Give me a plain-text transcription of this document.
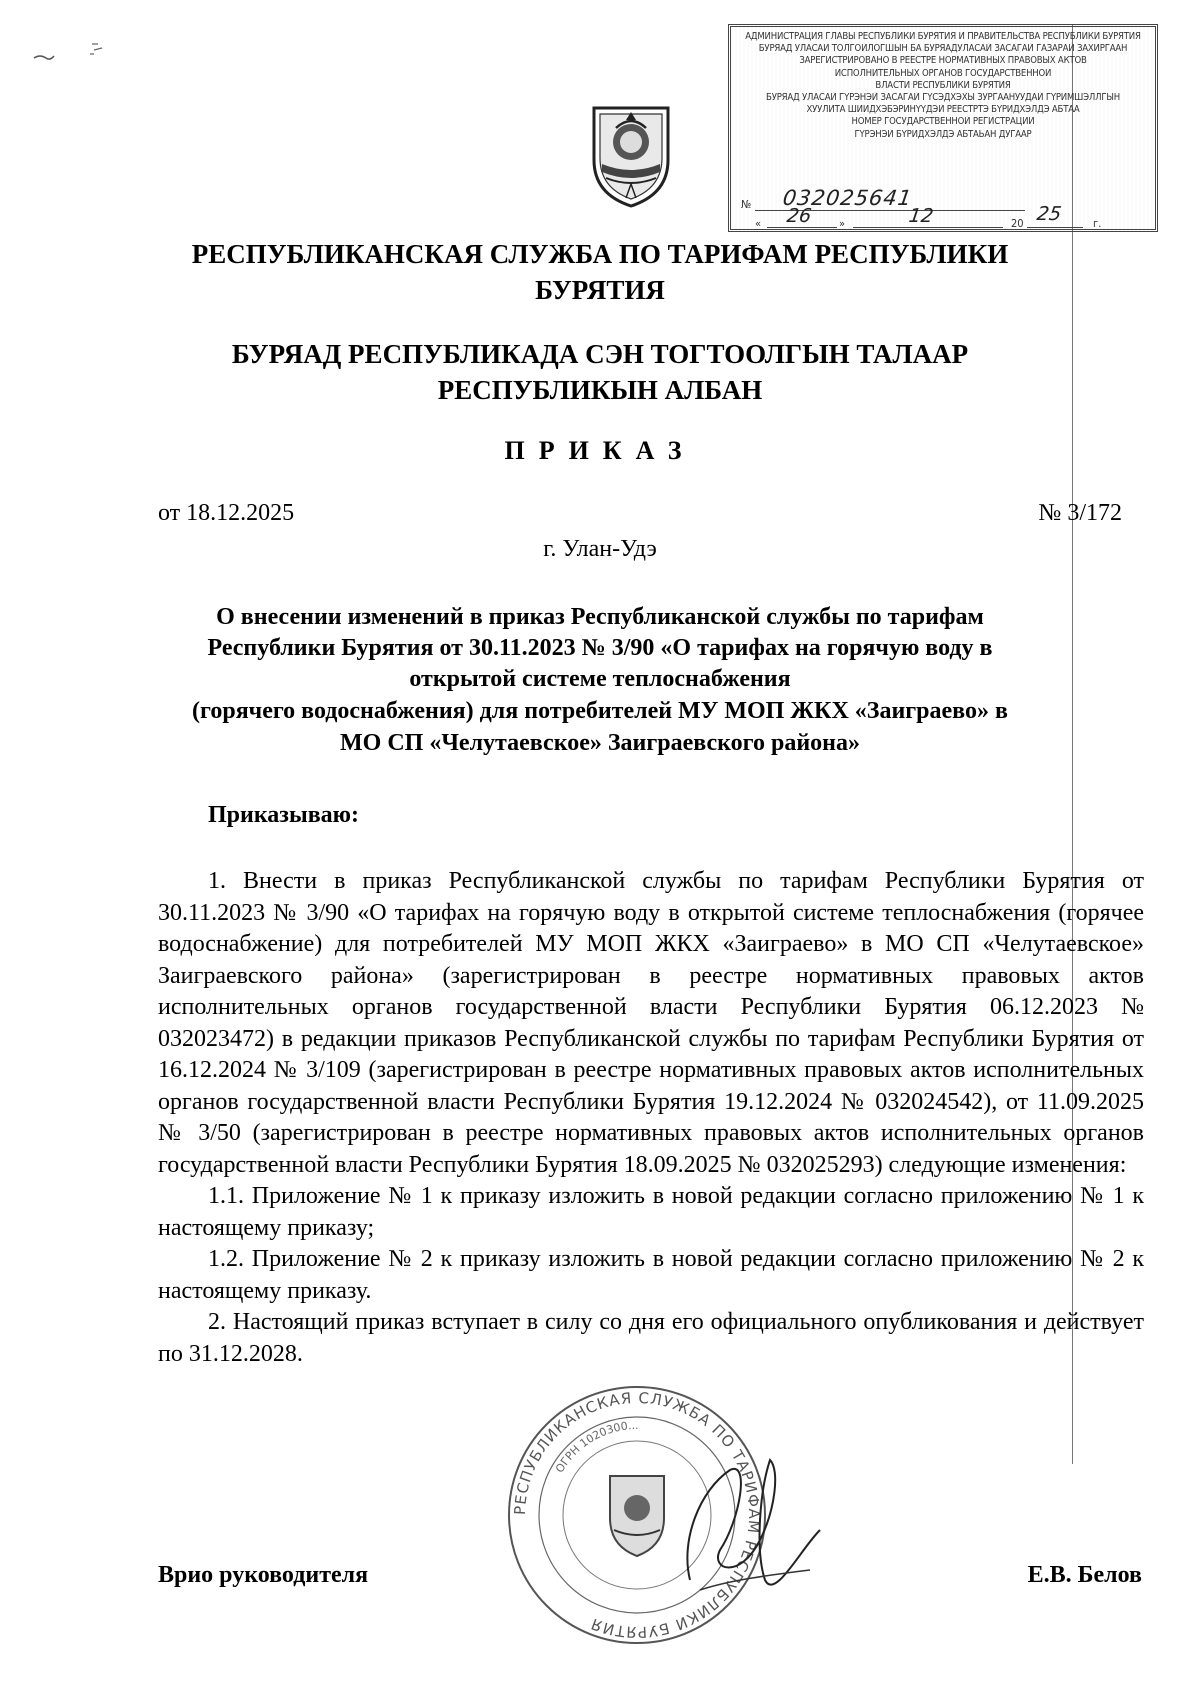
АДМИНИСТРАЦИЯ ГЛАВЫ РЕСПУБЛИКИ БУРЯТИЯ И ПРАВИТЕЛЬСТВА РЕСПУБЛИКИ БУРЯТИЯ
БУРЯАД УЛАСАЙ ТОЛГОЙЛОГШЫН БА БУРЯАДУЛАСАЙ ЗАСАГАЙ ГАЗАРАЙ ЗАХИРГААН
ЗАРЕГИСТРИРОВАНО В РЕЕСТРЕ НОРМАТИВНЫХ ПРАВОВЫХ АКТОВ
ИСПОЛНИТЕЛЬНЫХ ОРГАНОВ ГОСУДАРСТВЕННОЙ
ВЛАСТИ РЕСПУБЛИКИ БУРЯТИЯ
БУРЯАД УЛАСАЙ ГҮРЭНЭЙ ЗАСАГАЙ ГҮСЭДХЭХЫ ЗУРГААНУУДАЙ ГҮРИМШЭЛЛГЫН
ХУУЛИТА ШИИДХЭБЭРИНҮҮДЭЙ РЕЕСТРТЭ БҮРИДХЭЛДЭ АБТАА
НОМЕР ГОСУДАРСТВЕННОЙ РЕГИСТРАЦИИ
ГҮРЭНЭЙ БҮРИДХЭЛДЭ АБТАЬАН ДУГААР
№ 032025641
« 26 »	12	20 25	г.
РЕСПУБЛИКАНСКАЯ СЛУЖБА ПО ТАРИФАМ РЕСПУБЛИКИ
БУРЯТИЯ
БУРЯАД РЕСПУБЛИКАДА СЭН ТОГТООЛГЫН ТАЛААР
РЕСПУБЛИКЫН АЛБАН
ПРИКАЗ
от 18.12.2025	№ 3/172
г. Улан-Удэ
О внесении изменений в приказ Республиканской службы по тарифам
Республики Бурятия от 30.11.2023 № 3/90 «О тарифах на горячую воду в
открытой системе теплоснабжения
(горячего водоснабжения) для потребителей МУ МОП ЖКХ «Заиграево» в
МО СП «Челутаевское» Заиграевского района»

Приказываю:

1. Внести в приказ Республиканской службы по тарифам Республики Бурятия от 30.11.2023 № 3/90 «О тарифах на горячую воду в открытой системе теплоснабжения (горячее водоснабжение) для потребителей МУ МОП ЖКХ «Заиграево» в МО СП «Челутаевское» Заиграевского района» (зарегистрирован в реестре нормативных правовых актов исполнительных органов государственной власти Республики Бурятия 06.12.2023 № 032023472) в редакции приказов Республиканской службы по тарифам Республики Бурятия от 16.12.2024 № 3/109 (зарегистрирован в реестре нормативных правовых актов исполнительных органов государственной власти Республики Бурятия 19.12.2024 № 032024542), от 11.09.2025 № 3/50 (зарегистрирован в реестре нормативных правовых актов исполнительных органов государственной власти Республики Бурятия 18.09.2025 № 032025293) следующие изменения:

1.1. Приложение № 1 к приказу изложить в новой редакции согласно приложению № 1 к настоящему приказу;

1.2. Приложение № 2 к приказу изложить в новой редакции согласно приложению № 2 к настоящему приказу.

2. Настоящий приказ вступает в силу со дня его официального опубликования и действует по 31.12.2028.

РЕСПУБЛИКАНСКАЯ СЛУЖБА ПО ТАРИФАМ РЕСПУБЛИКИ БУРЯТИЯ
ОГРН 1020300...
Врио руководителя	Е.В. Белов
